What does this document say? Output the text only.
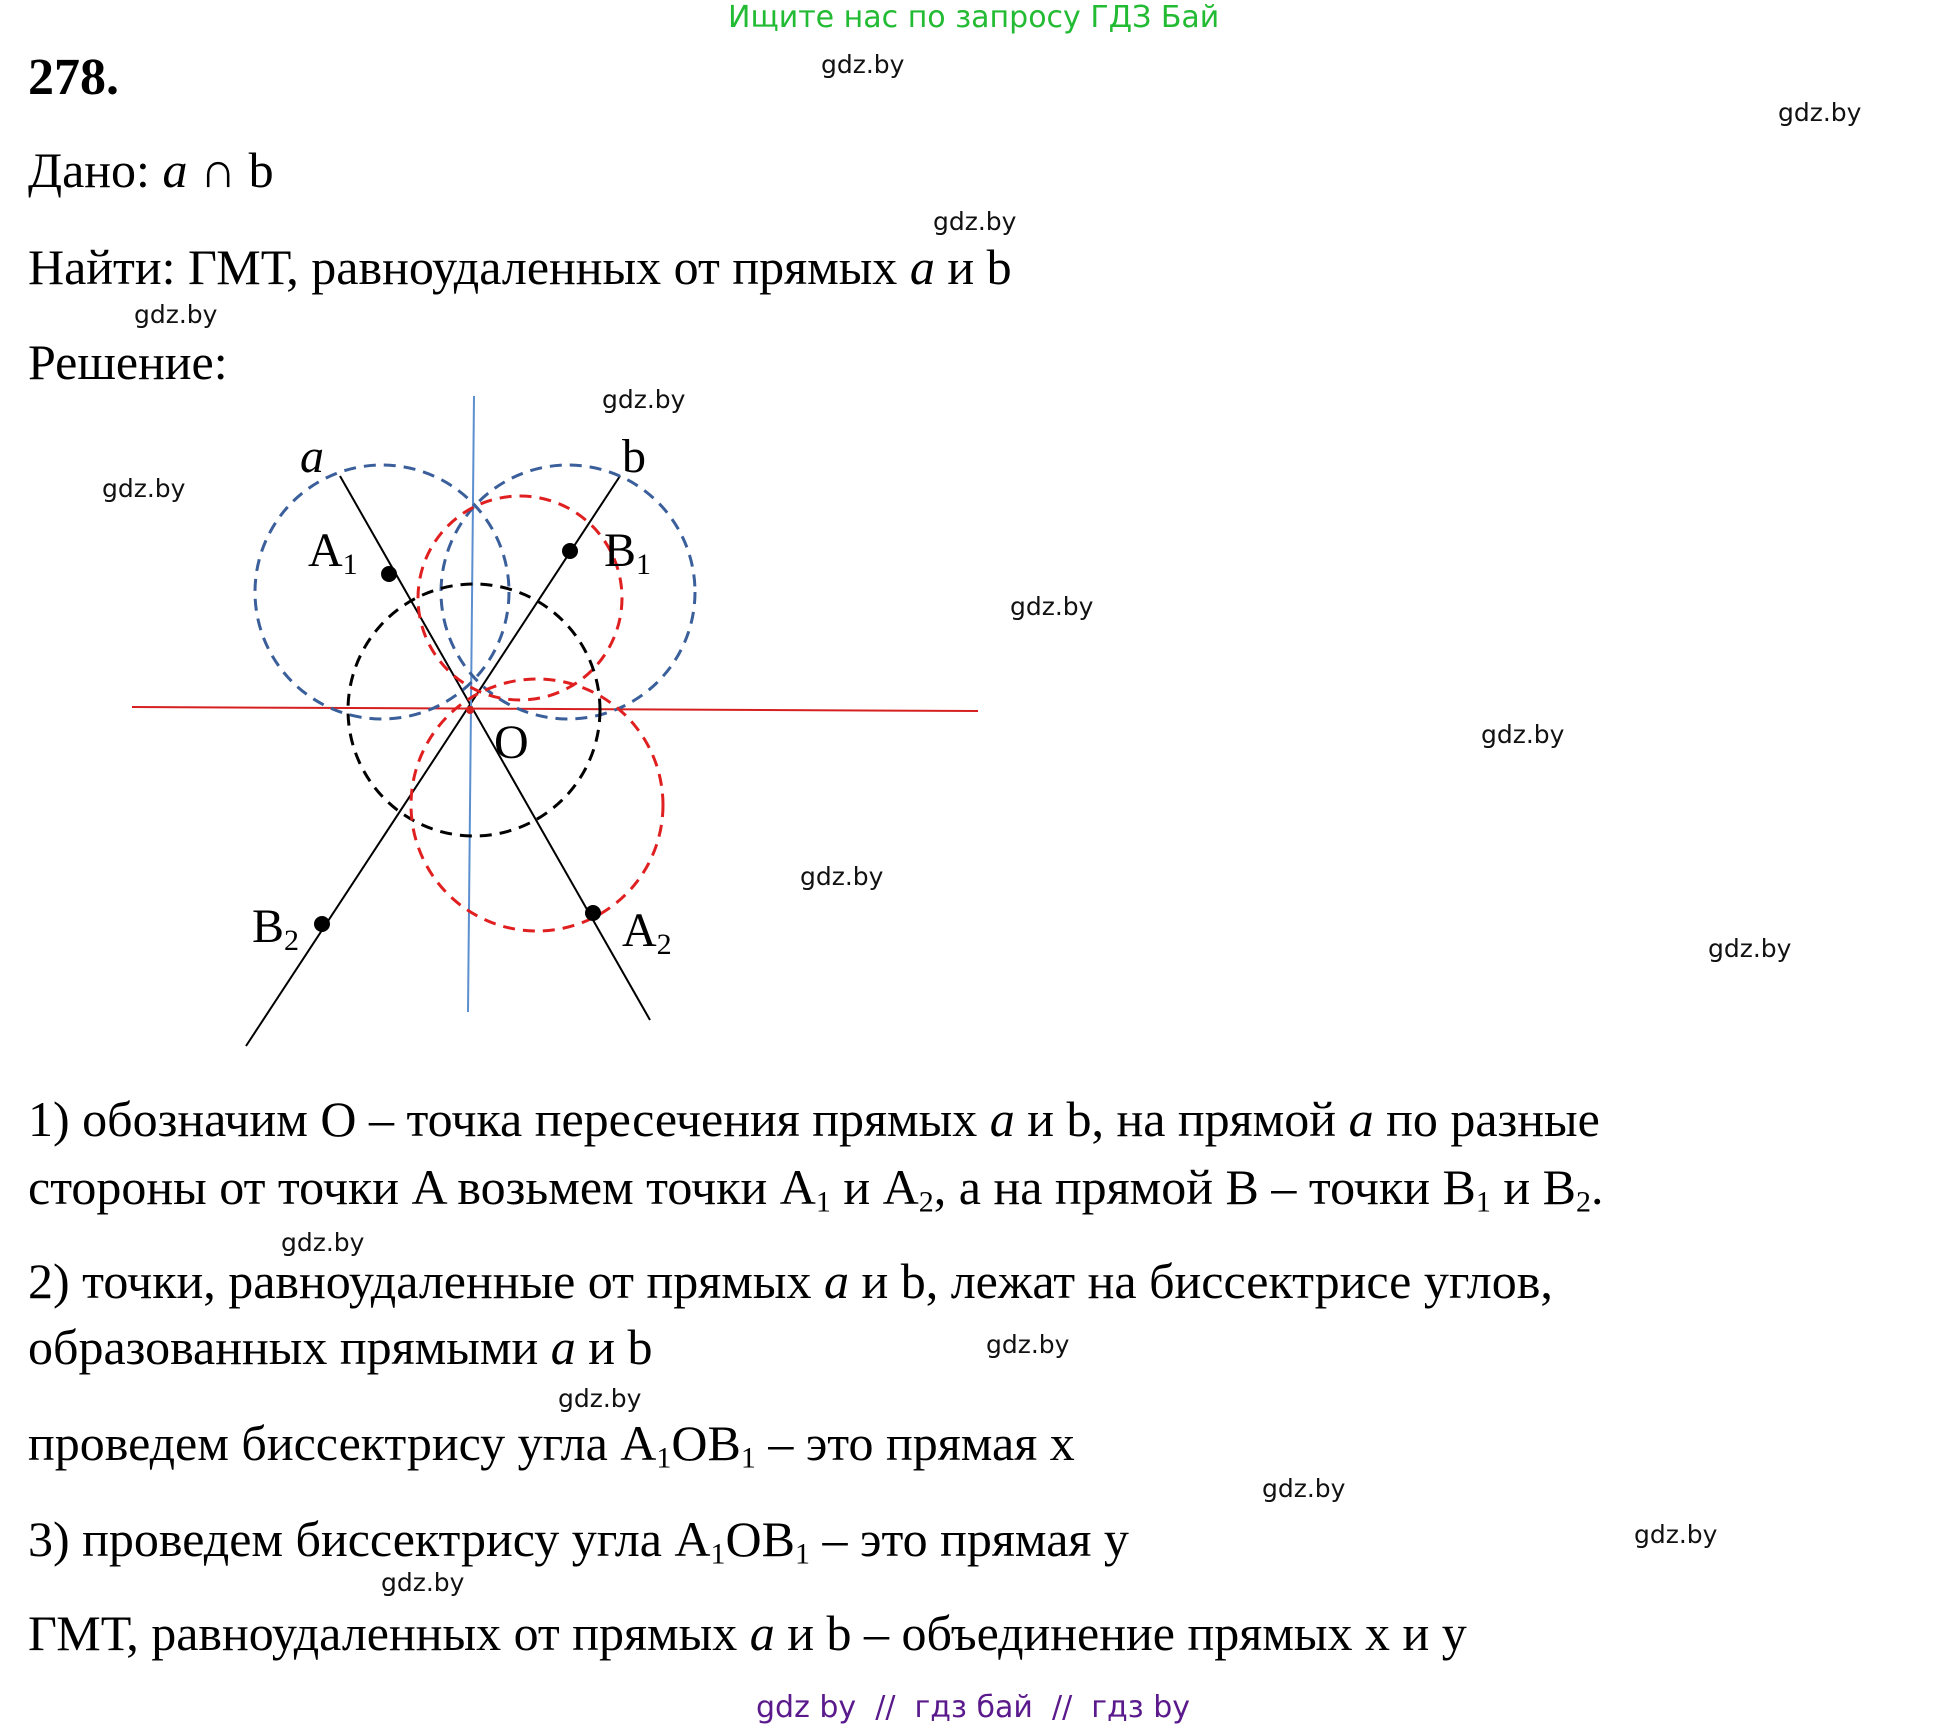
Ищите нас по запросу ГДЗ Бай
gdz.by
gdz.by
gdz.by
gdz.by
gdz.by
gdz.by
gdz.by
gdz.by
gdz.by
gdz.by
gdz.by
gdz.by
gdz.by
gdz.by
gdz.by
gdz.by
278.
Дано: a ∩ b
Найти: ГМТ, равноудаленных от прямых a и b
Решение:
a	b
A1	B1
O
B2	A2
1) обозначим O – точка пересечения прямых a и b, на прямой a по разные
стороны от точки A возьмем точки $A_1$ и $A_2$, а на прямой B – точки $B_1$ и $B_2$.
2) точки, равноудаленные от прямых a и b, лежат на биссектрисе углов,
образованных прямыми a и b
проведем биссектрису угла $A_1OB_1$ – это прямая x
3) проведем биссектрису угла $A_1OB_1$ – это прямая y
ГМТ, равноудаленных от прямых a и b – объединение прямых x и y
gdz by  //  гдз бай  //  гдз by
